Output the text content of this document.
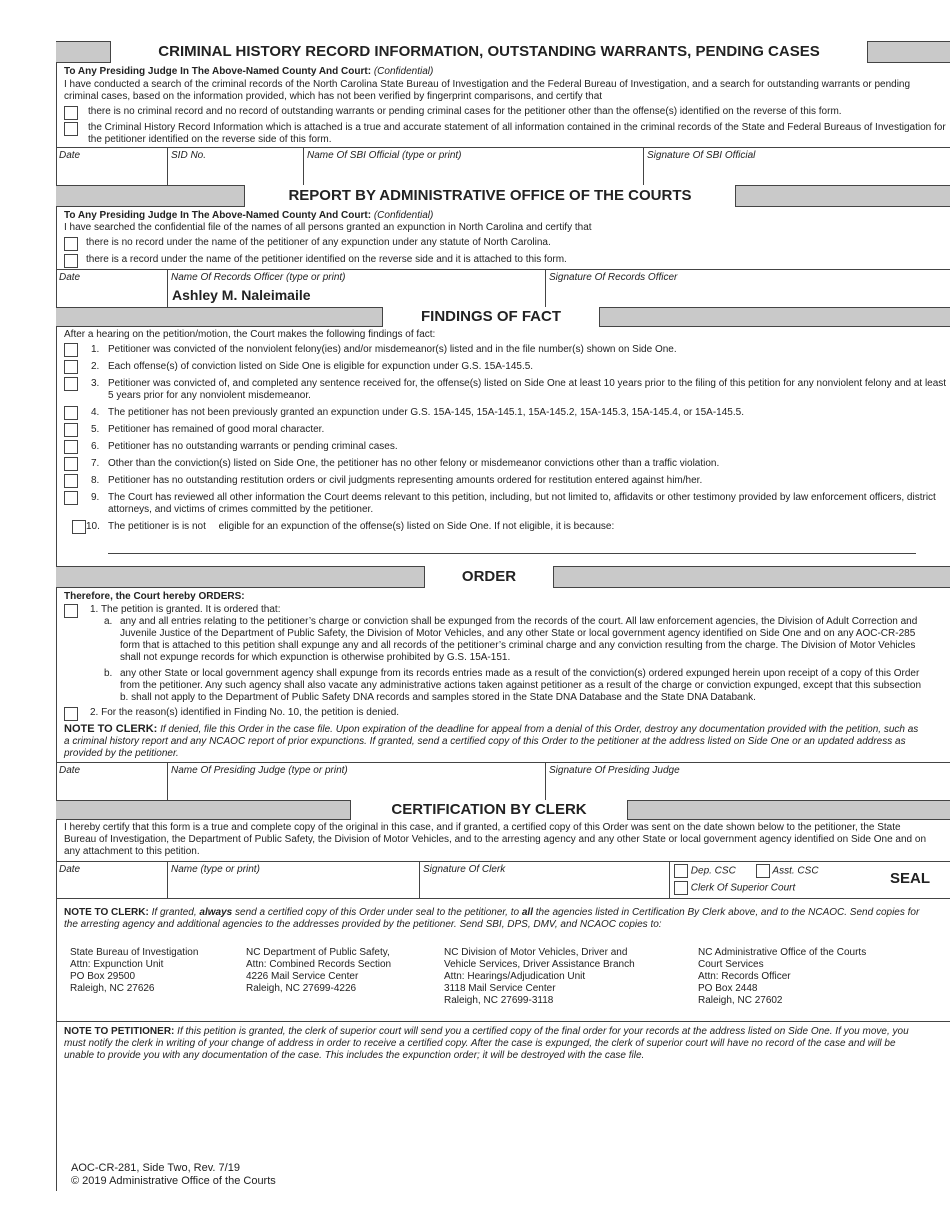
CRIMINAL HISTORY RECORD INFORMATION, OUTSTANDING WARRANTS, PENDING CASES
To Any Presiding Judge In The Above-Named County And Court: (Confidential)
I have conducted a search of the criminal records of the North Carolina State Bureau of Investigation and the Federal Bureau of Investigation, and a search for outstanding warrants or pending criminal cases, based on the information provided, which has not been verified by fingerprint comparisons, and certify that
there is no criminal record and no record of outstanding warrants or pending criminal cases for the petitioner other than the offense(s) identified on the reverse of this form.
the Criminal History Record Information which is attached is a true and accurate statement of all information contained in the criminal records of the State and Federal Bureaus of Investigation for the petitioner identified on the reverse side of this form.
Date	SID No.	Name Of SBI Official (type or print)	Signature Of SBI Official
REPORT BY ADMINISTRATIVE OFFICE OF THE COURTS
To Any Presiding Judge In The Above-Named County And Court: (Confidential)
I have searched the confidential file of the names of all persons granted an expunction in North Carolina and certify that
there is no record under the name of the petitioner of any expunction under any statute of North Carolina.
there is a record under the name of the petitioner identified on the reverse side and it is attached to this form.
Date	Name Of Records Officer (type or print)
Ashley M. Naleimaile
Signature Of Records Officer
FINDINGS OF FACT
After a hearing on the petition/motion, the Court makes the following findings of fact:
1. Petitioner was convicted of the nonviolent felony(ies) and/or misdemeanor(s) listed and in the file number(s) shown on Side One.
2. Each offense(s) of conviction listed on Side One is eligible for expunction under G.S. 15A-145.5.
3. Petitioner was convicted of, and completed any sentence received for, the offense(s) listed on Side One at least 10 years prior to the filing of this petition for any nonviolent felony and at least 5 years prior for any nonviolent misdemeanor.
4. The petitioner has not been previously granted an expunction under G.S. 15A-145, 15A-145.1, 15A-145.2, 15A-145.3, 15A-145.4, or 15A-145.5.
5. Petitioner has remained of good moral character.
6. Petitioner has no outstanding warrants or pending criminal cases.
7. Other than the conviction(s) listed on Side One, the petitioner has no other felony or misdemeanor convictions other than a traffic violation.
8. Petitioner has no outstanding restitution orders or civil judgments representing amounts ordered for restitution entered against him/her.
9. The Court has reviewed all other information the Court deems relevant to this petition, including, but not limited to, affidavits or other testimony provided by law enforcement officers, district attorneys, and victims of crimes committed by the petitioner.
10. The petitioner is is not eligible for an expunction of the offense(s) listed on Side One. If not eligible, it is because:
ORDER

Therefore, the Court hereby ORDERS:

1. The petition is granted. It is ordered that:
a. any and all entries relating to the petitioner’s charge or conviction shall be expunged from the records of the court. All law enforcement agencies, the Division of Adult Correction and Juvenile Justice of the Department of Public Safety, the Division of Motor Vehicles, and any other State or local government agency identified on Side One and on any AOC-CR-285 form that is attached to this petition shall expunge any and all records of the petitioner’s criminal charge and any conviction resulting from the charge. The Division of Motor Vehicles shall not expunge records for which expunction is otherwise prohibited by G.S. 15A-151.
b. any other State or local government agency shall expunge from its records entries made as a result of the conviction(s) ordered expunged herein upon receipt of a copy of this Order from the petitioner. Any such agency shall also vacate any administrative actions taken against petitioner as a result of the charge or conviction expunged, except that this subsection b. shall not apply to the Department of Public Safety DNA records and samples stored in the State DNA Database and the State DNA Databank.
2. For the reason(s) identified in Finding No. 10, the petition is denied.
NOTE TO CLERK: If denied, file this Order in the case file. Upon expiration of the deadline for appeal from a denial of this Order, destroy any documentation provided with the petition, such as a criminal history report and any NCAOC report of prior expunctions. If granted, send a certified copy of this Order to the petitioner at the address listed on Side One or an updated address as provided by the petitioner.
Date	Name Of Presiding Judge (type or print)	Signature Of Presiding Judge
CERTIFICATION BY CLERK
I hereby certify that this form is a true and complete copy of the original in this case, and if granted, a certified copy of this Order was sent on the date shown below to the petitioner, the State Bureau of Investigation, the Department of Public Safety, the Division of Motor Vehicles, and to the arresting agency and any other State or local government agency identified on Side One and on any attachment to this petition.
Date	Name (type or print)	Signature Of Clerk	Dep. CSC	Asst. CSC
Clerk Of Superior Court
SEAL
NOTE TO CLERK: If granted, always send a certified copy of this Order under seal to the petitioner, to all the agencies listed in Certification By Clerk above, and to the NCAOC. Send copies for the arresting agency and additional agencies to the addresses provided by the petitioner. Send SBI, DPS, DMV, and NCAOC copies to:
State Bureau of Investigation
Attn: Expunction Unit
PO Box 29500
Raleigh, NC 27626
NC Department of Public Safety,
Attn: Combined Records Section
4226 Mail Service Center
Raleigh, NC 27699-4226
NC Division of Motor Vehicles, Driver and
Vehicle Services, Driver Assistance Branch
Attn: Hearings/Adjudication Unit
3118 Mail Service Center
Raleigh, NC 27699-3118
NC Administrative Office of the Courts
Court Services
Attn: Records Officer
PO Box 2448
Raleigh, NC 27602
NOTE TO PETITIONER: If this petition is granted, the clerk of superior court will send you a certified copy of the final order for your records at the address listed on Side One. If you move, you must notify the clerk in writing of your change of address in order to receive a certified copy. After the case is expunged, the clerk of superior court will have no record of the case and will be unable to provide you with any documentation of the case. This includes the expunction order; it will be destroyed with the case file.
AOC-CR-281, Side Two, Rev. 7/19
© 2019 Administrative Office of the Courts
